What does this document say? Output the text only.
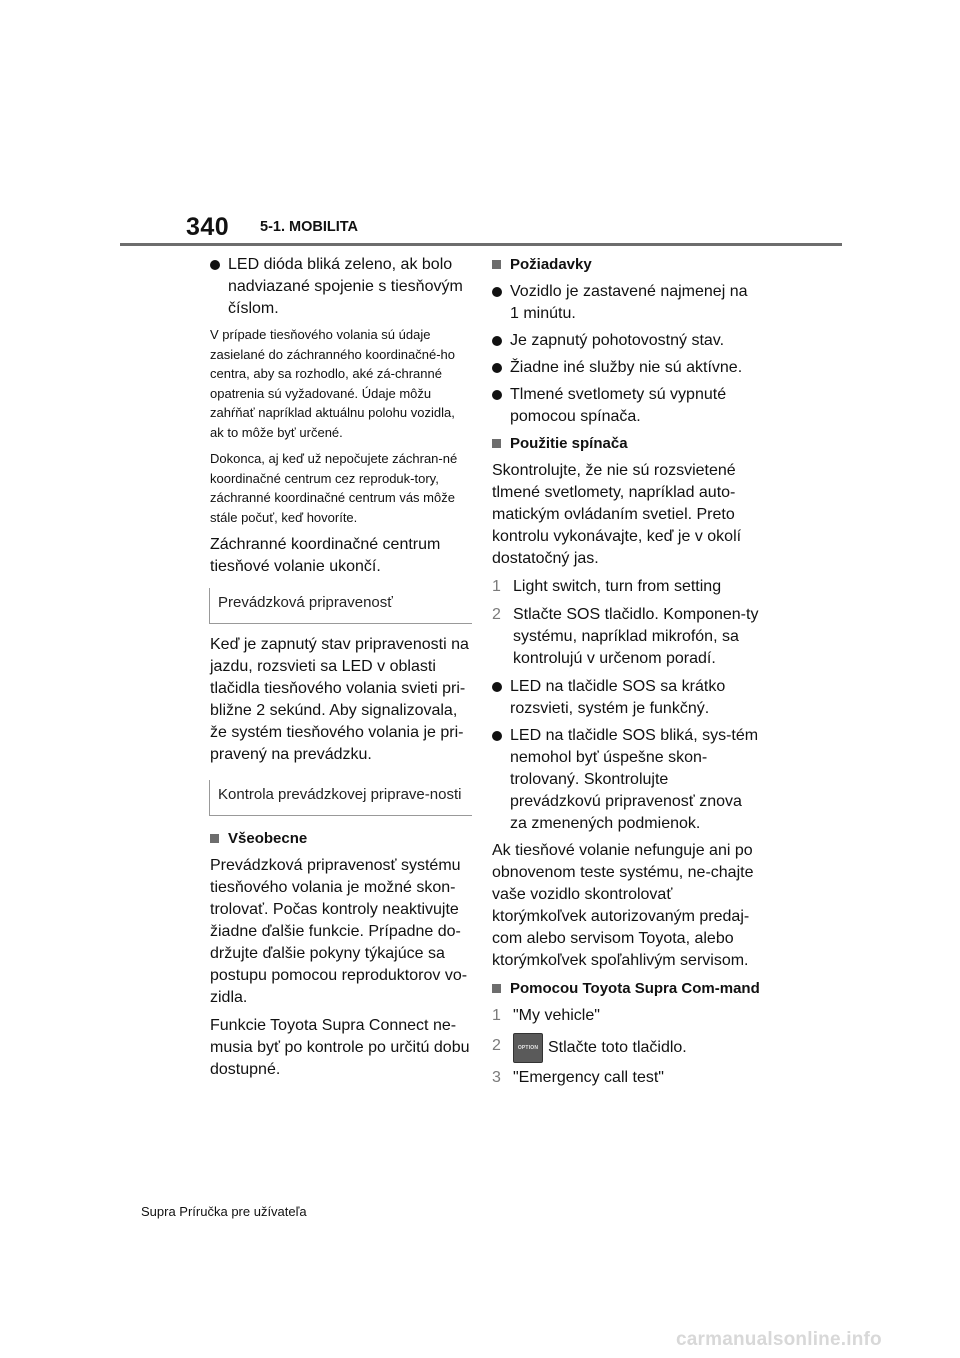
340 5-1. MOBILITA
LED dióda bliká zeleno, ak bolo nadviazané spojenie s tiesňovým číslom.
V prípade tiesňového volania sú údaje zasielané do záchranného koordinačné-ho centra, aby sa rozhodlo, aké zá-chranné opatrenia sú vyžadované. Údaje môžu zahŕňať napríklad aktuálnu polohu vozidla, ak to môže byť určené.
Dokonca, aj keď už nepočujete záchran-né koordinačné centrum cez reproduk-tory, záchranné koordinačné centrum vás môže stále počuť, keď hovoríte.
Záchranné koordinačné centrum tiesňové volanie ukončí.
Prevádzková pripravenosť
Keď je zapnutý stav pripravenosti na jazdu, rozsvieti sa LED v oblasti tlačidla tiesňového volania svieti pri-bližne 2 sekúnd. Aby signalizovala, že systém tiesňového volania je pri-pravený na prevádzku.
Kontrola prevádzkovej priprave-nosti
Všeobecne
Prevádzková pripravenosť systému tiesňového volania je možné skon-trolovať. Počas kontroly neaktivujte žiadne ďalšie funkcie. Prípadne do-držujte ďalšie pokyny týkajúce sa postupu pomocou reproduktorov vo-zidla.
Funkcie Toyota Supra Connect ne-musia byť po kontrole po určitú dobu dostupné.
Požiadavky
Vozidlo je zastavené najmenej na 1 minútu.
Je zapnutý pohotovostný stav.
Žiadne iné služby nie sú aktívne.
Tlmené svetlomety sú vypnuté pomocou spínača.
Použitie spínača
Skontrolujte, že nie sú rozsvietené tlmené svetlomety, napríklad auto-matickým ovládaním svetiel. Preto kontrolu vykonávajte, keď je v okolí dostatočný jas.
1 Light switch, turn from setting
2 Stlačte SOS tlačidlo. Komponen-ty systému, napríklad mikrofón, sa kontrolujú v určenom poradí.
LED na tlačidle SOS sa krátko rozsvieti, systém je funkčný.
LED na tlačidle SOS bliká, sys-tém nemohol byť úspešne skon-trolovaný. Skontrolujte prevádzkovú pripravenosť znova za zmenených podmienok.
Ak tiesňové volanie nefunguje ani po obnovenom teste systému, ne-chajte vaše vozidlo skontrolovať ktorýmkoľvek autorizovaným predaj-com alebo servisom Toyota, alebo ktorýmkoľvek spoľahlivým servisom.
Pomocou Toyota Supra Com-mand
1 "My vehicle"
2	OPTION Stlačte toto tlačidlo.
3 "Emergency call test"
Supra Príručka pre užívateľa
carmanualsonline.info
